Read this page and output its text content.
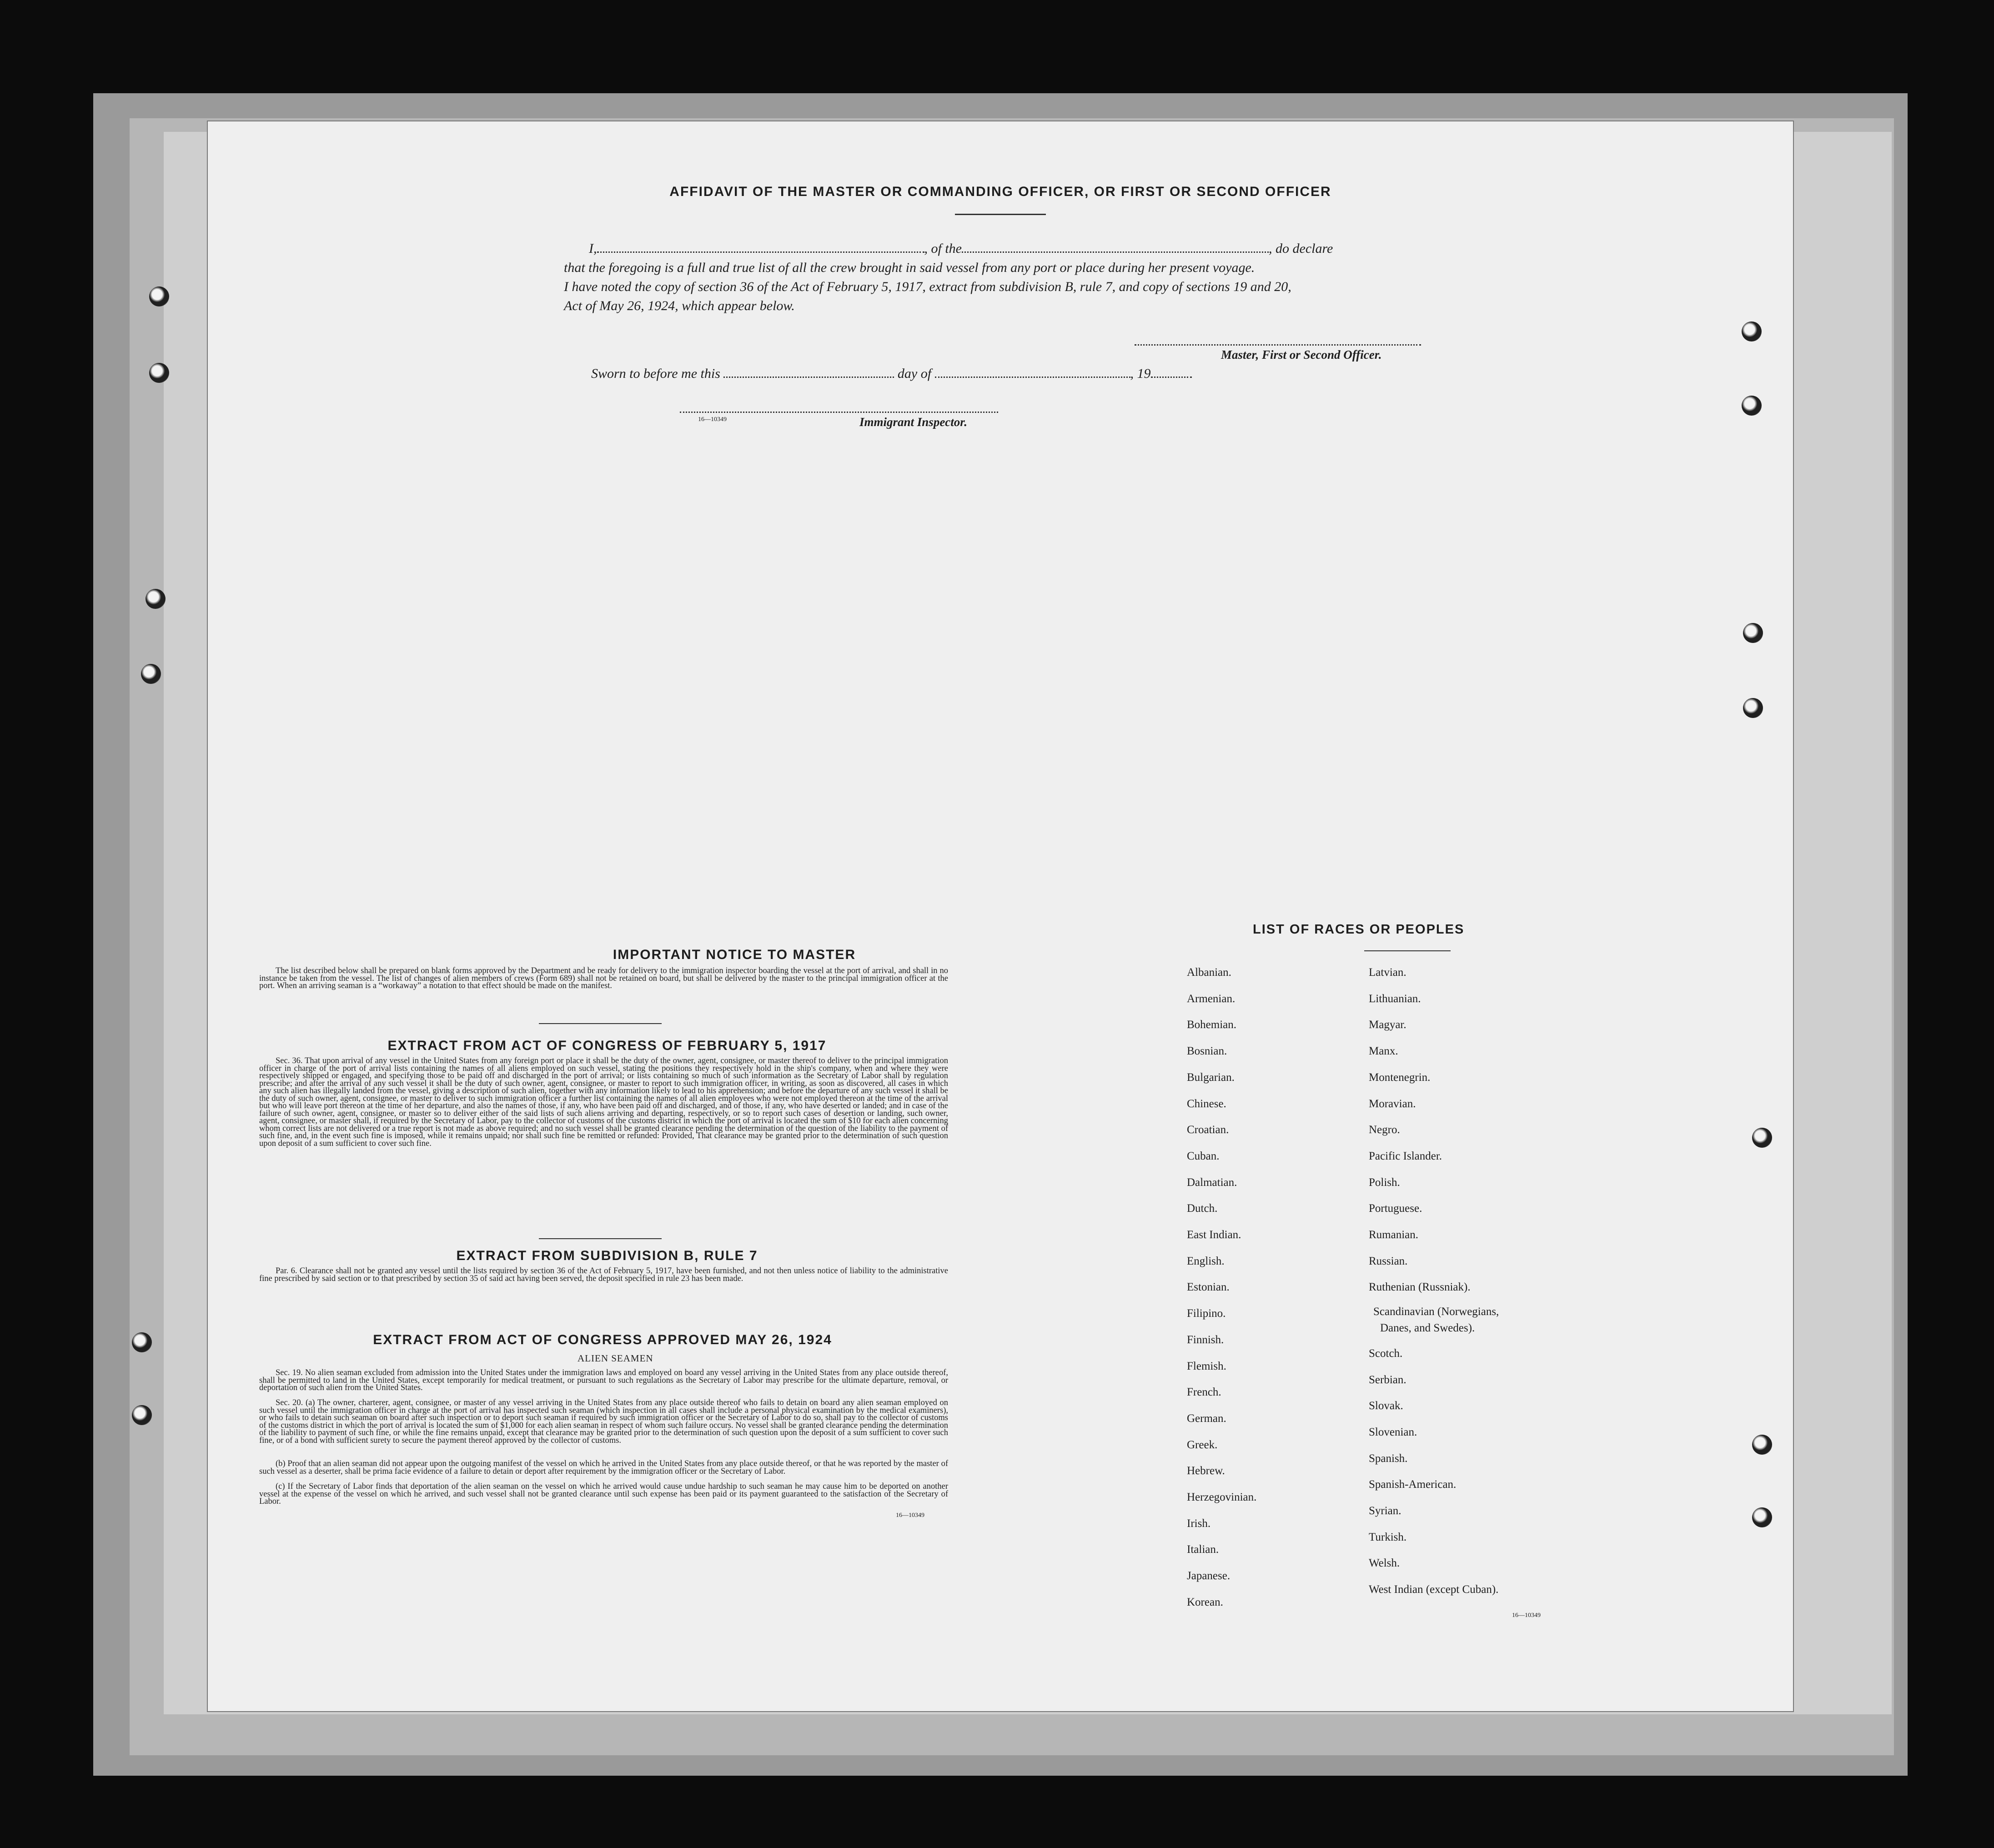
AFFIDAVIT OF THE MASTER OR COMMANDING OFFICER, OR FIRST OR SECOND OFFICER
I,	, of the	, do declare
that the foregoing is a full and true list of all the crew brought in said vessel from any port or place during her present voyage.
I have noted the copy of section 36 of the Act of February 5, 1917, extract from subdivision B, rule 7, and copy of sections 19 and 20,
Act of May 26, 1924, which appear below.
Master, First or Second Officer.
Sworn to before me this	day of	, 19
16—10349	Immigrant Inspector.
IMPORTANT NOTICE TO MASTER

The list described below shall be prepared on blank forms approved by the Department and be ready for delivery to the immigration inspector boarding the vessel at the port of arrival, and shall in no instance be taken from the vessel. The list of changes of alien members of crews (Form 689) shall not be retained on board, but shall be delivered by the master to the principal immigration officer at the port. When an arriving seaman is a “workaway” a notation to that effect should be made on the manifest.

EXTRACT FROM ACT OF CONGRESS OF FEBRUARY 5, 1917

Sec. 36. That upon arrival of any vessel in the United States from any foreign port or place it shall be the duty of the owner, agent, consignee, or master thereof to deliver to the principal immigration officer in charge of the port of arrival lists containing the names of all aliens employed on such vessel, stating the positions they respectively hold in the ship's company, when and where they were respectively shipped or engaged, and specifying those to be paid off and discharged in the port of arrival; or lists containing so much of such information as the Secretary of Labor shall by regulation prescribe; and after the arrival of any such vessel it shall be the duty of such owner, agent, consignee, or master to report to such immigration officer, in writing, as soon as discovered, all cases in which any such alien has illegally landed from the vessel, giving a description of such alien, together with any information likely to lead to his apprehension; and before the departure of any such vessel it shall be the duty of such owner, agent, consignee, or master to deliver to such immigration officer a further list containing the names of all alien employees who were not employed thereon at the time of the arrival but who will leave port thereon at the time of her departure, and also the names of those, if any, who have been paid off and discharged, and of those, if any, who have deserted or landed; and in case of the failure of such owner, agent, consignee, or master so to deliver either of the said lists of such aliens arriving and departing, respectively, or so to report such cases of desertion or landing, such owner, agent, consignee, or master shall, if required by the Secretary of Labor, pay to the collector of customs of the customs district in which the port of arrival is located the sum of $10 for each alien concerning whom correct lists are not delivered or a true report is not made as above required; and no such vessel shall be granted clearance pending the determination of the question of the liability to the payment of such fine, and, in the event such fine is imposed, while it remains unpaid; nor shall such fine be remitted or refunded: Provided, That clearance may be granted prior to the determination of such question upon deposit of a sum sufficient to cover such fine.

EXTRACT FROM SUBDIVISION B, RULE 7

Par. 6. Clearance shall not be granted any vessel until the lists required by section 36 of the Act of February 5, 1917, have been furnished, and not then unless notice of liability to the administrative fine prescribed by said section or to that prescribed by section 35 of said act having been served, the deposit specified in rule 23 has been made.

EXTRACT FROM ACT OF CONGRESS APPROVED MAY 26, 1924
ALIEN SEAMEN

Sec. 19. No alien seaman excluded from admission into the United States under the immigration laws and employed on board any vessel arriving in the United States from any place outside thereof, shall be permitted to land in the United States, except temporarily for medical treatment, or pursuant to such regulations as the Secretary of Labor may prescribe for the ultimate departure, removal, or deportation of such alien from the United States.

Sec. 20. (a) The owner, charterer, agent, consignee, or master of any vessel arriving in the United States from any place outside thereof who fails to detain on board any alien seaman employed on such vessel until the immigration officer in charge at the port of arrival has inspected such seaman (which inspection in all cases shall include a personal physical examination by the medical examiners), or who fails to detain such seaman on board after such inspection or to deport such seaman if required by such immigration officer or the Secretary of Labor to do so, shall pay to the collector of customs of the customs district in which the port of arrival is located the sum of $1,000 for each alien seaman in respect of whom such failure occurs. No vessel shall be granted clearance pending the determination of the liability to payment of such fine, or while the fine remains unpaid, except that clearance may be granted prior to the determination of such question upon the deposit of a sum sufficient to cover such fine, or of a bond with sufficient surety to secure the payment thereof approved by the collector of customs.

(b) Proof that an alien seaman did not appear upon the outgoing manifest of the vessel on which he arrived in the United States from any place outside thereof, or that he was reported by the master of such vessel as a deserter, shall be prima facie evidence of a failure to detain or deport after requirement by the immigration officer or the Secretary of Labor.

(c) If the Secretary of Labor finds that deportation of the alien seaman on the vessel on which he arrived would cause undue hardship to such seaman he may cause him to be deported on another vessel at the expense of the vessel on which he arrived, and such vessel shall not be granted clearance until such expense has been paid or its payment guaranteed to the satisfaction of the Secretary of Labor.

16—10349
LIST OF RACES OR PEOPLES
16—10349
Albanian.
Armenian.
Bohemian.
Bosnian.
Bulgarian.
Chinese.
Croatian.
Cuban.
Dalmatian.
Dutch.
East Indian.
English.
Estonian.
Filipino.
Finnish.
Flemish.
French.
German.
Greek.
Hebrew.
Herzegovinian.
Irish.
Italian.
Japanese.
Korean.
Latvian.
Lithuanian.
Magyar.
Manx.
Montenegrin.
Moravian.
Negro.
Pacific Islander.
Polish.
Portuguese.
Rumanian.
Russian.
Ruthenian (Russniak).
Scandinavian (Norwegians,
Danes, and Swedes).
Scotch.
Serbian.
Slovak.
Slovenian.
Spanish.
Spanish-American.
Syrian.
Turkish.
Welsh.
West Indian (except Cuban).
